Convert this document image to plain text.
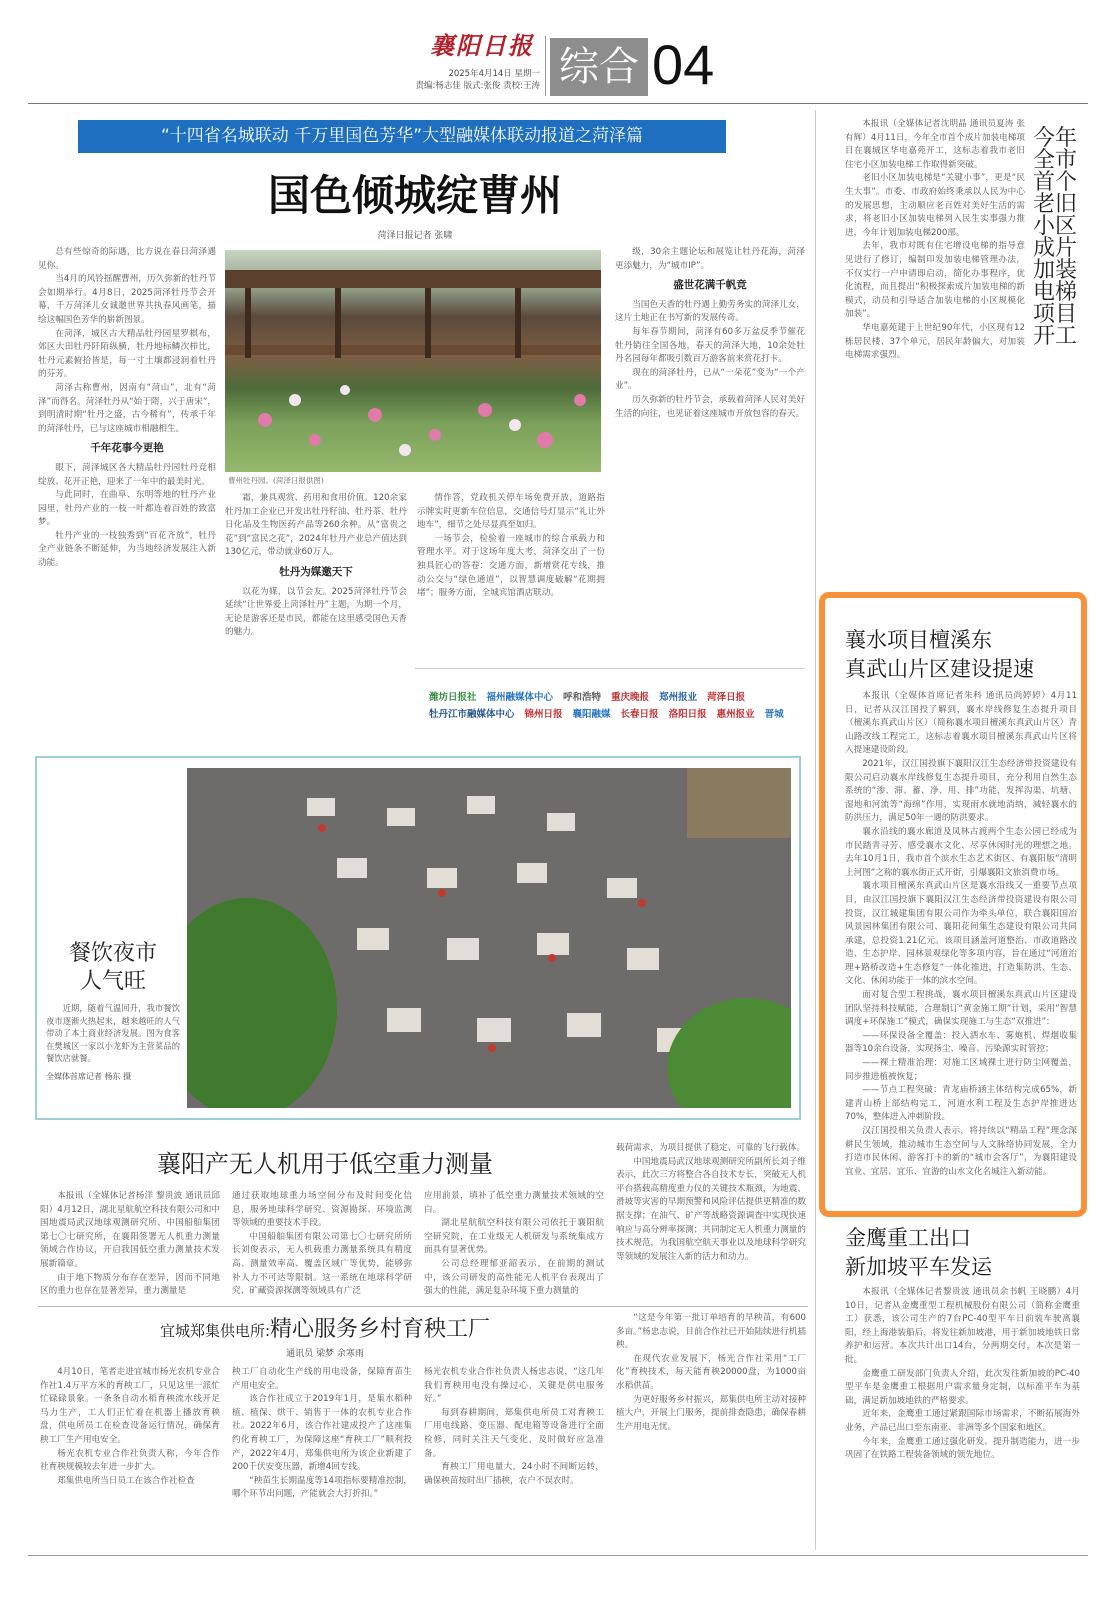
襄阳日报
2025年4月14日 星期一
责编:杨志佳 版式:张俊 责校:王涛 综合 04
“十四省名城联动 千万里国色芳华”大型融媒体联动报道之菏泽篇
国色倾城绽曹州
菏泽日报记者 张啸

总有些惊奇的际遇，比方说在春日菏泽遇见你。

当4月的风铃摇醒曹州，历久弥新的牡丹节会如期举行。4月8日，2025菏泽牡丹节会开幕，千万菏泽儿女诚邀世界共执春风画笔，描绘这幅国色芳华的崭新图景。

在菏泽，城区古大精品牡丹园星罗棋布，郊区大田牡丹阡陌纵横，牡丹地标鳞次栉比，牡丹元素俯拾皆是，每一寸土壤都浸润着牡丹的芬芳。

菏泽古称曹州，因南有“菏山”，北有“菏泽”而得名。菏泽牡丹从“始于隋，兴于唐宋”，到明清时期“牡丹之盛，古今稀有”，传承千年的菏泽牡丹，已与这座城市相融相生。

千年花事今更艳

眼下，菏泽城区各大精品牡丹园牡丹竞相绽放、花开正艳，迎来了一年中的最美时光。

与此同时，在曲阜、东明等地的牡丹产业园里，牡丹产业的一枝一叶都连着百姓的致富梦。

牡丹产业的一枝独秀到“百花齐放”，牡丹全产业链条不断延伸，为当地经济发展注入新动能。

曹州牡丹园。(菏泽日报供图)

霜，兼具观赏、药用和食用价值。120余家牡丹加工企业已开发出牡丹籽油、牡丹茶、牡丹日化品及生物医药产品等260余种。从“富贵之花”到“富民之花”，2024年牡丹产业总产值达到130亿元，带动就业60万人。

牡丹为媒邀天下

以花为媒，以节会友。2025菏泽牡丹节会延续“让世界爱上菏泽牡丹”主题，为期一个月，无论是游客还是市民，都能在这里感受国色天香的魅力。

情作答，党政机关停车场免费开放，道路指示牌实时更新车位信息，交通信号灯显示“礼让外地车”，细节之处尽显真至如归。

一场节会，检验着一座城市的综合承载力和管理水平。对于这场年度大考，菏泽交出了一份独具匠心的答卷：交通方面，新增赏花专线，推动公交与“绿色通道”，以智慧调度破解“花期拥堵”；服务方面，全城宾馆酒店联动。

级，30余主题论坛和展览让牡丹花海，菏泽更添魅力，为“城市IP”。

盛世花满千帆竞

当国色天香的牡丹遇上勤劳务实的菏泽儿女，这片土地正在书写新的发展传奇。

每年春节期间，菏泽有60多万盆反季节催花牡丹销往全国各地，春天的菏泽大地，10余处牡丹名园每年都吸引数百万游客前来赏花打卡。

现在的菏泽牡丹，已从“一朵花”变为“一个产业”。

历久弥新的牡丹节会，承载着菏泽人民对美好生活的向往，也见证着这座城市开放包容的春天。

潍坊日报社 福州融媒体中心 呼和浩特 重庆晚报 郑州报业 菏泽日报
牡丹江市融媒体中心 锦州日报 襄阳融媒 长春日报 洛阳日报 惠州报业 晋城
餐饮夜市
人气旺
近期，随着气温回升，我市餐饮夜市逐渐火热起来，越来越旺的人气带动了本土商业经济发展。图为食客在樊城区一家以小龙虾为主营菜品的餐饮店就餐。
全媒体首席记者 杨东 摄

本报讯（全媒体记者沈明晶 通讯员夏涛 张有辉）4月11日，今年全市首个成片加装电梯项目在襄城区华电嘉苑开工，这标志着我市老旧住宅小区加装电梯工作取得新突破。

老旧小区加装电梯是“关键小事”，更是“民生大事”。市委、市政府始终秉承以人民为中心的发展思想，主动顺应老百姓对美好生活的需求，将老旧小区加装电梯列入民生实事强力推进，今年计划加装电梯200部。

去年，我市对既有住宅增设电梯的指导意见进行了修订，编制印发加装电梯管理办法，不仅实行一户申请即启动，简化办事程序，优化流程，而且提出“积极探索成片加装电梯的新模式，动员和引导适合加装电梯的小区规模化加装”。

华电嘉苑建于上世纪90年代，小区现有12栋居民楼、37个单元，居民年龄偏大，对加装电梯需求强烈。

今年全市首个老旧小区成片加装电梯项目开工
襄水项目檀溪东
真武山片区建设提速

本报讯（全媒体首席记者朱科 通讯员尚婷婷）4月11日，记者从汉江国投了解到，襄水岸线修复生态提升项目（檀溪东真武山片区）（简称襄水项目檀溪东真武山片区）青山路改线工程完工，这标志着襄水项目檀溪东真武山片区将入提速建设阶段。

2021年，汉江国投旗下襄阳汉江生态经济带投资建设有限公司启动襄水岸线修复生态提升项目，充分利用自然生态系统的“渗、滞、蓄、净、用、排”功能，发挥沟渠、坑塘、湿地和河流等“海绵”作用，实现雨水就地消纳，减轻襄水的防洪压力，满足50年一遇的防洪要求。

襄水沿线的襄水廊道及凤林古渡两个生态公园已经成为市民踏青寻芳、感受襄水文化、尽享休闲时光的理想之地。去年10月1日，我市首个滨水生态艺术街区、有襄阳版“清明上河图”之称的襄水街正式开街，引爆襄阳文旅消费市场。

襄水项目檀溪东真武山片区是襄水沿线又一重要节点项目，由汉江国投旗下襄阳汉江生态经济带投资建设有限公司投资，汉江城建集团有限公司作为牵头单位，联合襄阳国冶风景园林集团有限公司、襄阳花间集生态建设有限公司共同承建，总投资1.21亿元。该项目涵盖河道整治、市政道路改造、生态护岸、园林景观绿化等多项内容，旨在通过“河道治理+路桥改造+生态修复”一体化推进，打造集防洪、生态、文化、休闲功能于一体的滨水空间。

面对复合型工程挑战，襄水项目檀溪东真武山片区建设团队坚持科技赋能，合理制订“黄金施工期”计划，采用“智慧调度+环保施工”模式，确保实现施工与生态“双推进”：

——环保设备全覆盖：投入洒水车、雾炮机、焊烟收集器等10余台设备，实现扬尘、噪音、污染源实时管控；

——裸土精准治理：对施工区域裸土进行防尘网覆盖，同步推进植被恢复；

——节点工程突破：青龙庙桥涵主体结构完成65%，新建青山桥上部结构完工，河道水利工程及生态护岸推进达70%，整体进入冲刺阶段。

汉江国投相关负责人表示，将持续以“精品工程”理念深耕民生领域，推动城市生态空间与人文脉络协同发展，全力打造市民休闲、游客打卡的新的“城市会客厅”，为襄阳建设宜业、宜居、宜乐、宜游的山水文化名城注入新动能。

襄阳产无人机用于低空重力测量

本报讯（全媒体记者杨洋 黎贵波 通讯员邱阳）4月12日，湖北星航航空科技有限公司和中国地震局武汉地球观测研究所、中国船舶集团第七〇七研究所，在襄阳签署无人机重力测量领域合作协议，开启我国低空重力测量技术发展新篇章。

由于地下物质分布存在差异，因而不同地区的重力也存在显著差异，重力测量是

通过获取地球重力场空间分布及时间变化信息，服务地球科学研究、资源勘探、环境监测等领域的重要技术手段。

中国船舶集团有限公司第七〇七研究所所长刘俊表示，无人机载重力测量系统具有精度高、测量效率高、覆盖区域广等优势，能够弥补人力不可达等限制。这一系统在地球科学研究、矿藏资源探测等领域具有广泛

应用前景，填补了低空重力测量技术领域的空白。

湖北星航航空科技有限公司依托于襄阳航空研究院，在工业级无人机研发与系统集成方面具有显著优势。

公司总经理郁亚韶表示，在前期的测试中，该公司研发的高性能无人机平台表现出了强大的性能，满足复杂环境下重力测量的

载荷需求，为项目提供了稳定、可靠的飞行载体。

中国地震局武汉地球观测研究所副所长刘子维表示，此次三方将整合各自技术专长，突破无人机平台搭载高精度重力仪的关键技术瓶颈，为地震、滑坡等灾害的早期预警和风险评估提供更精准的数据支撑；在油气、矿产等战略资源调查中实现快速响应与高分辨率探测；共同制定无人机重力测量的技术规范，为我国航空航天事业以及地球科学研究等领域的发展注入新的活力和动力。

宜城郑集供电所:精心服务乡村育秧工厂
通讯员 梁梦 余寒雨

4月10日，笔者走进宜城市杨光农机专业合作社1.4万平方米的育秧工厂，只见这里一派忙忙碌碌景象。一条条自动水稻育秧流水线开足马力生产，工人们正忙着在机器上播放育秧盘，供电所员工在检查设备运行情况，确保育秧工厂生产用电安全。

杨光农机专业合作社负责人称，今年合作社育秧规模较去年进一步扩大。

郑集供电所当日员工在该合作社检查

秧工厂自动化生产线的用电设备，保障育苗生产用电安全。

该合作社成立于2019年1月，是集水稻种植、植保、烘干、销售于一体的农机专业合作社。2022年6月，该合作社建成投产了这座集约化育秧工厂，为保障这座“育秧工厂”顺利投产，2022年4月，郑集供电所为该企业新建了200千伏安变压器，新增4回专线。

“秧苗生长期温度等14项指标要精准控制，哪个环节出问题，产能就会大打折扣。”

杨光农机专业合作社负责人杨忠志说，“这几年我们育秧用电没有操过心，关键是供电服务好。”

每到春耕期间，郑集供电所员工对育秧工厂用电线路、变压器、配电箱等设备进行全面检修，同时关注天气变化，及时做好应急准备。

育秧工厂用电量大，24小时不间断运转，确保秧苗按时出厂插秧，农户不误农时。

“这是今年第一批订单培育的早秧苗，有600多亩。”杨忠志说，目前合作社已开始陆续进行机插秧。

在现代农业发展下，杨光合作社采用“工厂化”育秧技术，每天能育秧20000盘，为1000亩水稻供苗。

为更好服务乡村振兴，郑集供电所主动对接种植大户，开展上门服务，提前排查隐患，确保春耕生产用电无忧。

金鹰重工出口
新加坡平车发运

本报讯（全媒体记者黎贵波 通讯员余书帆 王晓鹏）4月10日，记者从金鹰重型工程机械股份有限公司（简称金鹰重工）获悉，该公司生产的7台PC-40型平车日前装车驶离襄阳，经上海港装船后，将发往新加坡港，用于新加坡地铁日常养护和运营。本次共计出口14台，分两期交付，本次是第一批。

金鹰重工研发部门负责人介绍，此次发往新加坡的PC-40型平车是金鹰重工根据用户需求量身定制，以标准平车为基础，满足新加坡地铁的严格要求。

近年来，金鹰重工通过紧跟国际市场需求，不断拓展海外业务，产品已出口至东南亚、非洲等多个国家和地区。

今年来，金鹰重工通过强化研发、提升制造能力，进一步巩固了在铁路工程装备领域的领先地位。
